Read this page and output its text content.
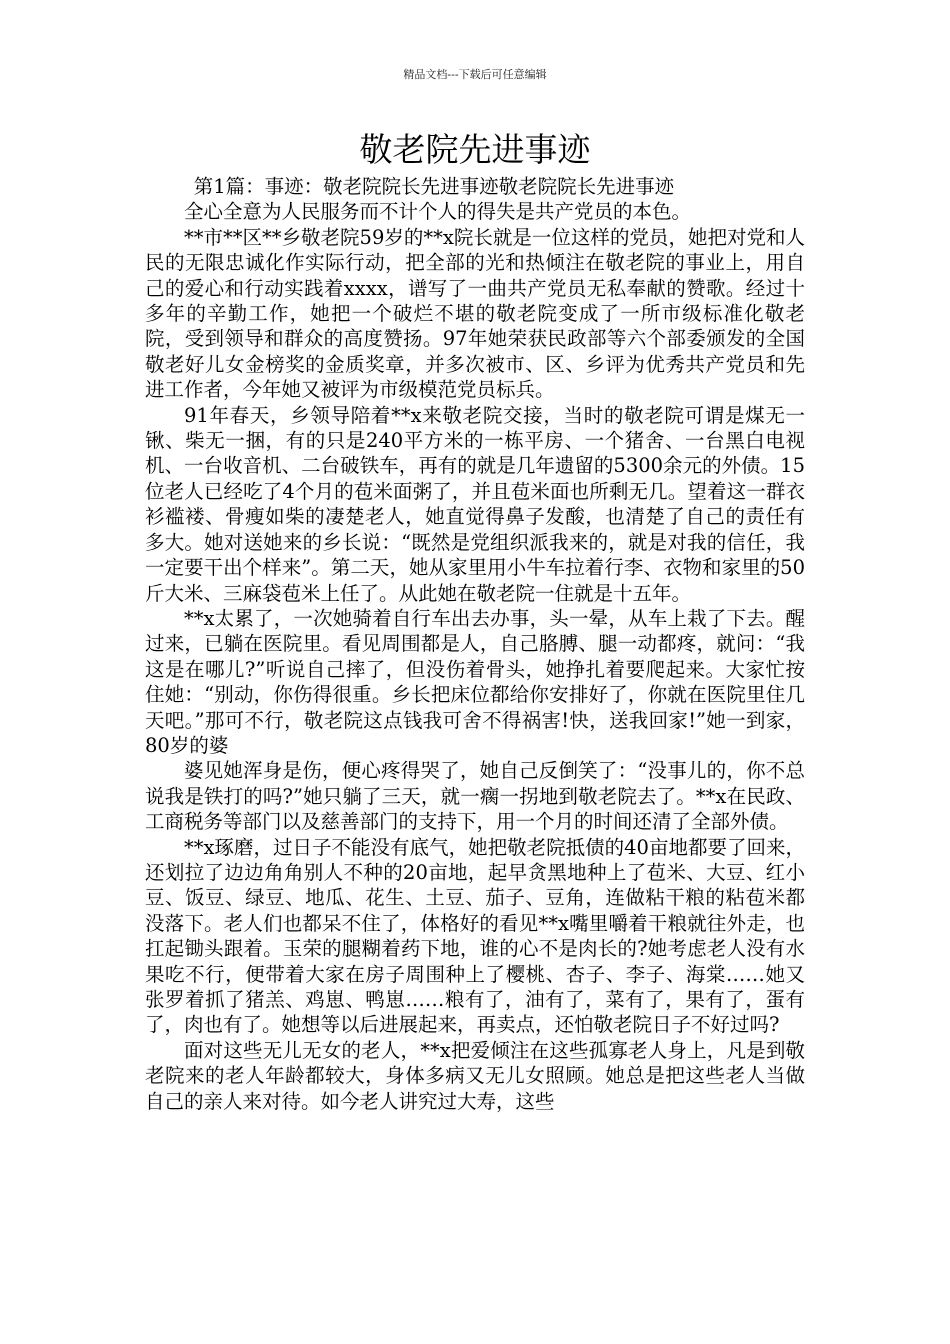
精品文档---下载后可任意编辑
敬老院先进事迹

第1篇：事迹：敬老院院长先进事迹敬老院院长先进事迹

全心全意为人民服务而不计个人的得失是共产党员的本色。

**市**区**乡敬老院59岁的**x院长就是一位这样的党员，她把对党和人民的无限忠诚化作实际行动，把全部的光和热倾注在敬老院的事业上，用自己的爱心和行动实践着xxxx，谱写了一曲共产党员无私奉献的赞歌。经过十多年的辛勤工作，她把一个破烂不堪的敬老院变成了一所市级标准化敬老院，受到领导和群众的高度赞扬。97年她荣获民政部等六个部委颁发的全国敬老好儿女金榜奖的金质奖章，并多次被市、区、乡评为优秀共产党员和先进工作者，今年她又被评为市级模范党员标兵。

91年春天，乡领导陪着**x来敬老院交接，当时的敬老院可谓是煤无一锹、柴无一捆，有的只是240平方米的一栋平房、一个猪舍、一台黑白电视机、一台收音机、二台破铁车，再有的就是几年遗留的5300余元的外债。15位老人已经吃了4个月的苞米面粥了，并且苞米面也所剩无几。望着这一群衣衫褴褛、骨瘦如柴的凄楚老人，她直觉得鼻子发酸，也清楚了自己的责任有多大。她对送她来的乡长说：“既然是党组织派我来的，就是对我的信任，我一定要干出个样来”。第二天，她从家里用小牛车拉着行李、衣物和家里的50斤大米、三麻袋苞米上任了。从此她在敬老院一住就是十五年。

**x太累了，一次她骑着自行车出去办事，头一晕，从车上栽了下去。醒过来，已躺在医院里。看见周围都是人，自己胳膊、腿一动都疼，就问：“我这是在哪儿?”听说自己摔了，但没伤着骨头，她挣扎着要爬起来。大家忙按住她：“别动，你伤得很重。乡长把床位都给你安排好了，你就在医院里住几天吧。”那可不行，敬老院这点钱我可舍不得祸害!快，送我回家!”她一到家，80岁的婆

婆见她浑身是伤，便心疼得哭了，她自己反倒笑了：“没事儿的，你不总说我是铁打的吗?”她只躺了三天，就一瘸一拐地到敬老院去了。**x在民政、工商税务等部门以及慈善部门的支持下，用一个月的时间还清了全部外债。

**x琢磨，过日子不能没有底气，她把敬老院抵债的40亩地都要了回来，还划拉了边边角角别人不种的20亩地，起早贪黑地种上了苞米、大豆、红小豆、饭豆、绿豆、地瓜、花生、土豆、茄子、豆角，连做粘干粮的粘苞米都没落下。老人们也都呆不住了，体格好的看见**x嘴里嚼着干粮就往外走，也扛起锄头跟着。玉荣的腿糊着药下地，谁的心不是肉长的?她考虑老人没有水果吃不行，便带着大家在房子周围种上了樱桃、杏子、李子、海棠……她又张罗着抓了猪羔、鸡崽、鸭崽……粮有了，油有了，菜有了，果有了，蛋有了，肉也有了。她想等以后进展起来，再卖点，还怕敬老院日子不好过吗?

面对这些无儿无女的老人，**x把爱倾注在这些孤寡老人身上，凡是到敬老院来的老人年龄都较大，身体多病又无儿女照顾。她总是把这些老人当做自己的亲人来对待。如今老人讲究过大寿，这些
